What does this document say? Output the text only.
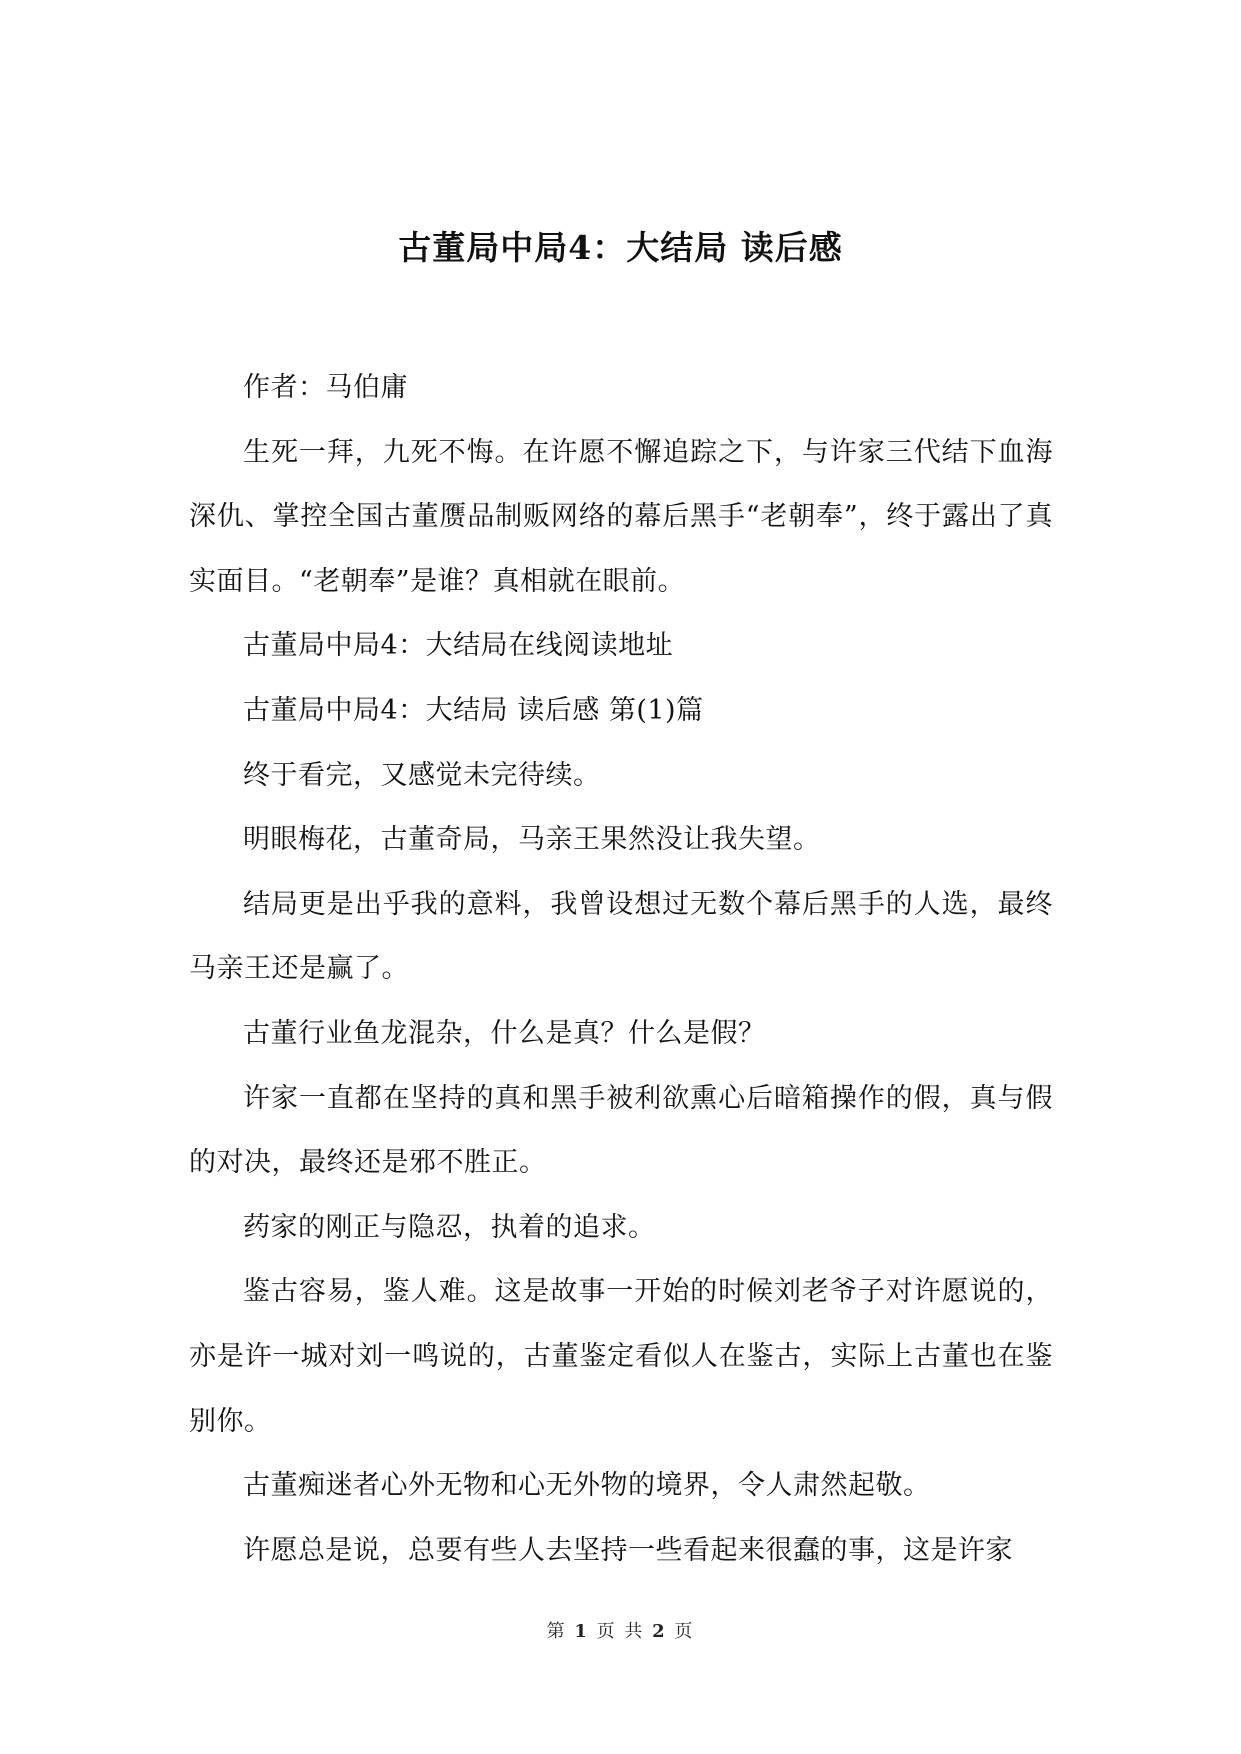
古董局中局4：大结局 读后感

作者：马伯庸

生死一拜，九死不悔。在许愿不懈追踪之下，与许家三代结下血海深仇、掌控全国古董赝品制贩网络的幕后黑手“老朝奉”，终于露出了真实面目。“老朝奉”是谁？真相就在眼前。

古董局中局4：大结局在线阅读地址

古董局中局4：大结局 读后感 第(1)篇

终于看完，又感觉未完待续。

明眼梅花，古董奇局，马亲王果然没让我失望。

结局更是出乎我的意料，我曾设想过无数个幕后黑手的人选，最终马亲王还是赢了。

古董行业鱼龙混杂，什么是真？什么是假？

许家一直都在坚持的真和黑手被利欲熏心后暗箱操作的假，真与假的对决，最终还是邪不胜正。

药家的刚正与隐忍，执着的追求。

鉴古容易，鉴人难。这是故事一开始的时候刘老爷子对许愿说的，亦是许一城对刘一鸣说的，古董鉴定看似人在鉴古，实际上古董也在鉴别你。

古董痴迷者心外无物和心无外物的境界，令人肃然起敬。

许愿总是说，总要有些人去坚持一些看起来很蠢的事，这是许家

第 1 页 共 2 页
